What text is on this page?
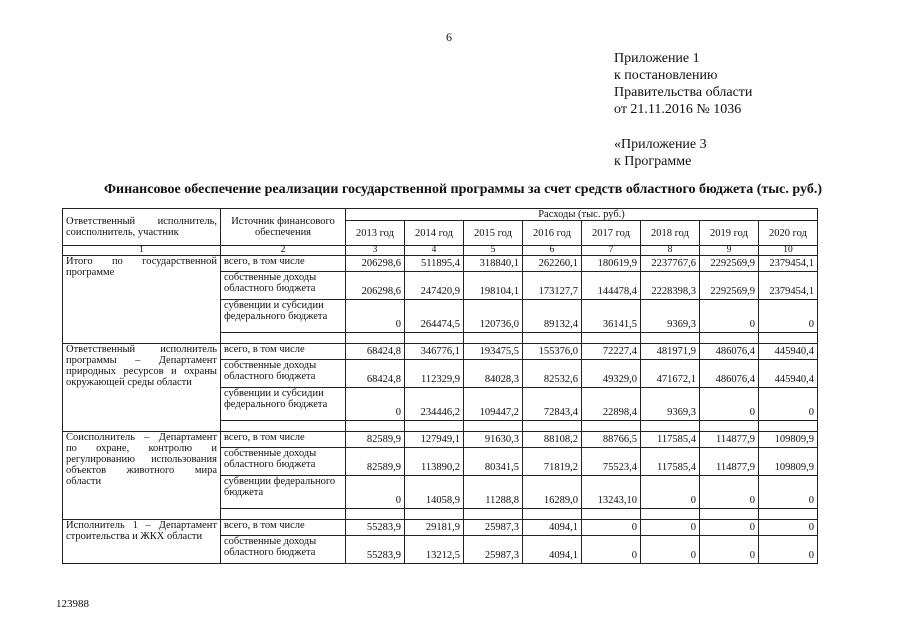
6
Приложение 1
к постановлению
Правительства области
от 21.11.2016 № 1036
«Приложение 3
к Программе
Финансовое обеспечение реализации государственной программы за счет средств областного бюджета (тыс. руб.)
Ответственный исполнитель, соисполнитель, участник	Источник финансового обеспечения	Расходы (тыс. руб.)							
		2013 год	2014 год	2015 год	2016 год	2017 год	2018 год	2019 год	2020 год
1	2	3	4	5	6	7	8	9	10
Итого по государственной программе	всего, в том числе	206298,6	511895,4	318840,1	262260,1	180619,9	2237767,6	2292569,9	2379454,1
	собственные доходы областного бюджета	206298,6	247420,9	198104,1	173127,7	144478,4	2228398,3	2292569,9	2379454,1
	субвенции и субсидии федерального бюджета	0	264474,5	120736,0	89132,4	36141,5	9369,3	0	0

Ответственный исполнитель программы – Департамент природных ресурсов и охраны окружающей среды области	всего, в том числе	68424,8	346776,1	193475,5	155376,0	72227,4	481971,9	486076,4	445940,4
	собственные доходы областного бюджета	68424,8	112329,9	84028,3	82532,6	49329,0	471672,1	486076,4	445940,4
	субвенции и субсидии федерального бюджета	0	234446,2	109447,2	72843,4	22898,4	9369,3	0	0

Соисполнитель – Департамент по охране, контролю и регулированию использования объектов животного мира области	всего, в том числе	82589,9	127949,1	91630,3	88108,2	88766,5	117585,4	114877,9	109809,9
	собственные доходы областного бюджета	82589,9	113890,2	80341,5	71819,2	75523,4	117585,4	114877,9	109809,9
	субвенции федерального бюджета	0	14058,9	11288,8	16289,0	13243,10	0	0	0

Исполнитель 1 – Департамент строительства и ЖКХ области	всего, в том числе	55283,9	29181,9	25987,3	4094,1	0	0	0	0
	собственные доходы областного бюджета	55283,9	13212,5	25987,3	4094,1	0	0	0	0
123988
